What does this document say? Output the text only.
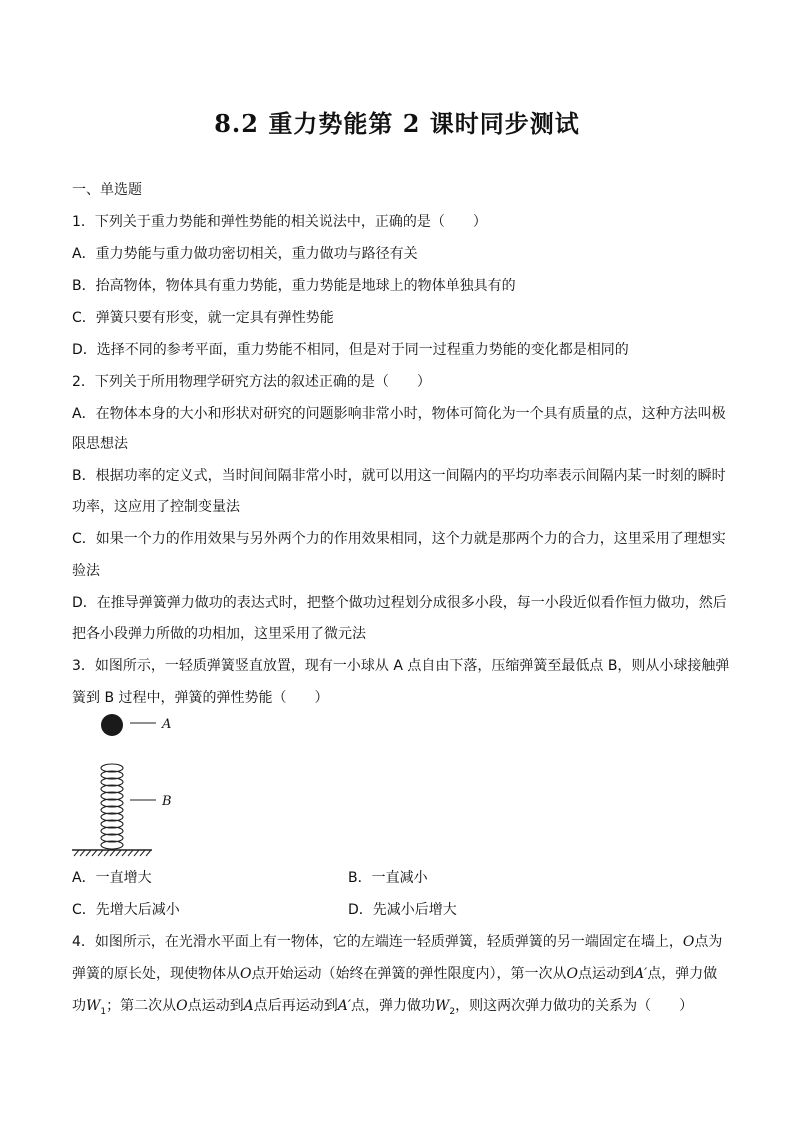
8.2 重力势能第 2 课时同步测试
一、单选题
1．下列关于重力势能和弹性势能的相关说法中，正确的是（　　）
A．重力势能与重力做功密切相关，重力做功与路径有关
B．抬高物体，物体具有重力势能，重力势能是地球上的物体单独具有的
C．弹簧只要有形变，就一定具有弹性势能
D．选择不同的参考平面，重力势能不相同，但是对于同一过程重力势能的变化都是相同的
2．下列关于所用物理学研究方法的叙述正确的是（　　）
A．在物体本身的大小和形状对研究的问题影响非常小时，物体可简化为一个具有质量的点，这种方法叫极
限思想法
B．根据功率的定义式，当时间间隔非常小时，就可以用这一间隔内的平均功率表示间隔内某一时刻的瞬时
功率，这应用了控制变量法
C．如果一个力的作用效果与另外两个力的作用效果相同，这个力就是那两个力的合力，这里采用了理想实
验法
D．在推导弹簧弹力做功的表达式时，把整个做功过程划分成很多小段，每一小段近似看作恒力做功，然后
把各小段弹力所做的功相加，这里采用了微元法
3．如图所示，一轻质弹簧竖直放置，现有一小球从 A 点自由下落，压缩弹簧至最低点 B，则从小球接触弹
簧到 B 过程中，弹簧的弹性势能（　　）
A
B
A．一直增大	B．一直减小
C．先增大后减小	D．先减小后增大
4．如图所示，在光滑水平面上有一物体，它的左端连一轻质弹簧，轻质弹簧的另一端固定在墙上，O点为
弹簧的原长处，现使物体从O点开始运动（始终在弹簧的弹性限度内），第一次从O点运动到A′点，弹力做
功$W_1$；第二次从O点运动到A点后再运动到A′点，弹力做功$W_2$，则这两次弹力做功的关系为（　　）
